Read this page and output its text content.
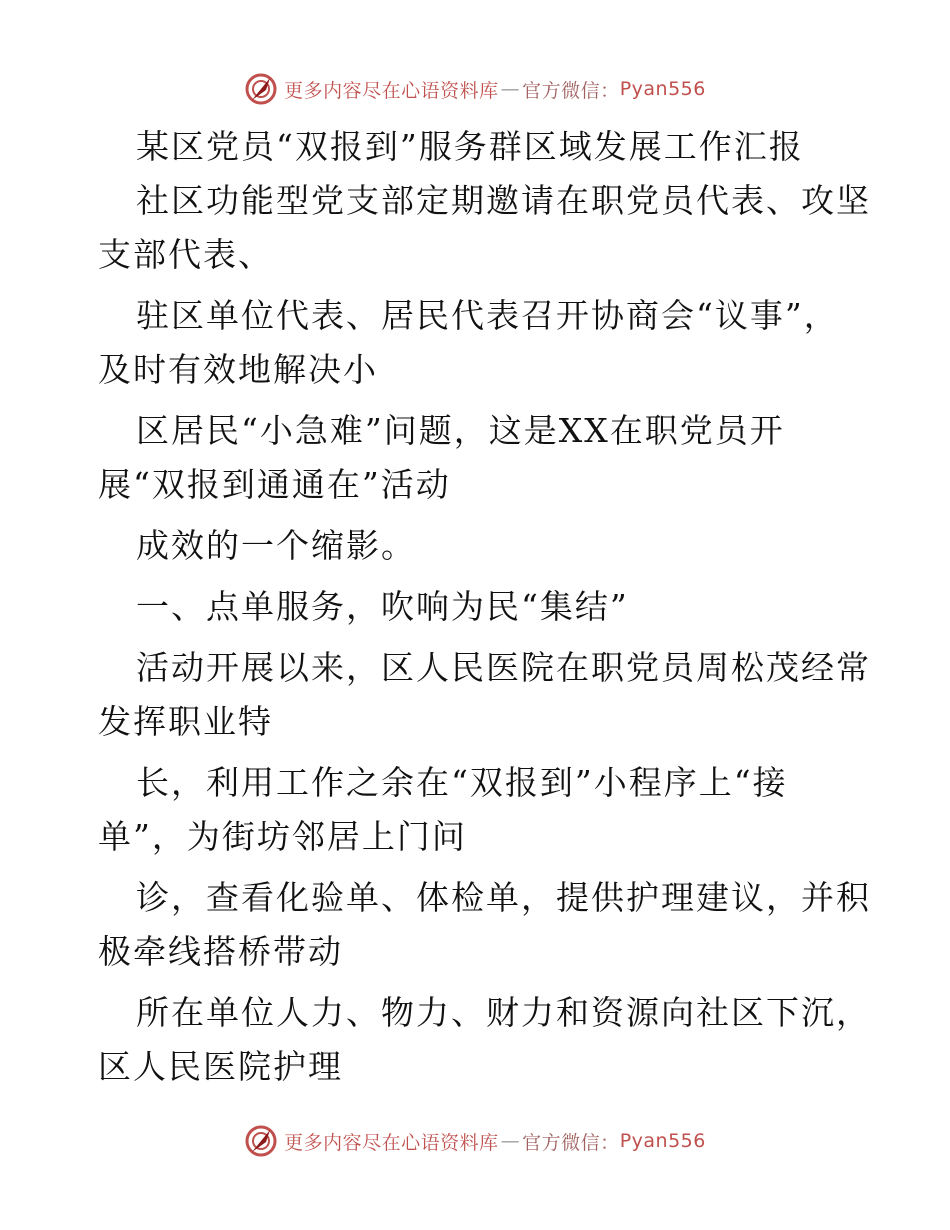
更多内容尽在心语资料库 — 官方微信： Pyan556
某区党员“双报到”服务群区域发展工作汇报
社区功能型党支部定期邀请在职党员代表、攻坚
支部代表、
驻区单位代表、居民代表召开协商会“议事”，
及时有效地解决小
区居民“小急难”问题，这是XX在职党员开
展“双报到通通在”活动
成效的一个缩影。
一、点单服务，吹响为民“集结”
活动开展以来，区人民医院在职党员周松茂经常
发挥职业特
长，利用工作之余在“双报到”小程序上“接
单”，为街坊邻居上门问
诊，查看化验单、体检单，提供护理建议，并积
极牵线搭桥带动
所在单位人力、物力、财力和资源向社区下沉，
区人民医院护理
更多内容尽在心语资料库 — 官方微信： Pyan556
